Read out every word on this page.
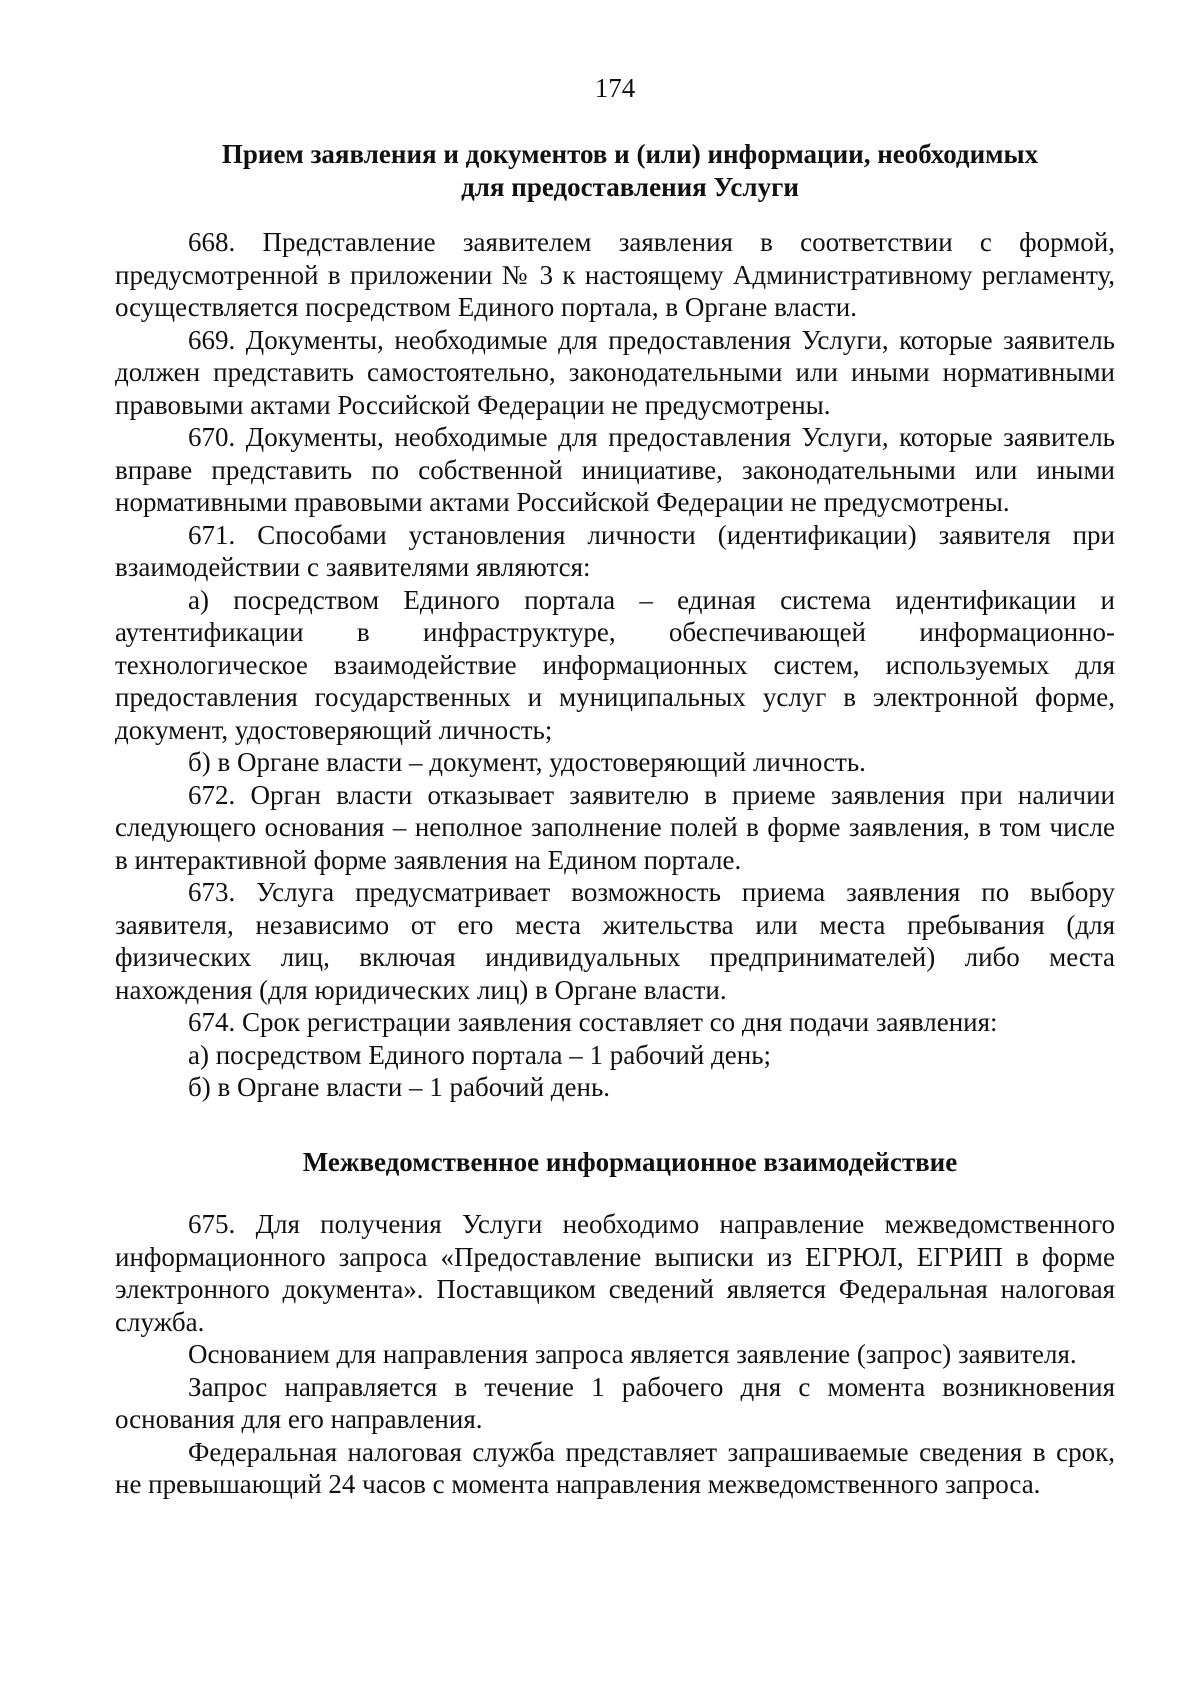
174
Прием заявления и документов и (или) информации, необходимых для предоставления Услуги

668. Представление заявителем заявления в соответствии с формой, предусмотренной в приложении № 3 к настоящему Административному регламенту, осуществляется посредством Единого портала, в Органе власти.

669. Документы, необходимые для предоставления Услуги, которые заявитель должен представить самостоятельно, законодательными или иными нормативными правовыми актами Российской Федерации не предусмотрены.

670. Документы, необходимые для предоставления Услуги, которые заявитель вправе представить по собственной инициативе, законодательными или иными нормативными правовыми актами Российской Федерации не предусмотрены.

671. Способами установления личности (идентификации) заявителя при взаимодействии с заявителями являются:

а) посредством Единого портала – единая система идентификации и аутентификации в инфраструктуре, обеспечивающей информационно-технологическое взаимодействие информационных систем, используемых для предоставления государственных и муниципальных услуг в электронной форме, документ, удостоверяющий личность;

б) в Органе власти – документ, удостоверяющий личность.

672. Орган власти отказывает заявителю в приеме заявления при наличии следующего основания – неполное заполнение полей в форме заявления, в том числе в интерактивной форме заявления на Едином портале.

673. Услуга предусматривает возможность приема заявления по выбору заявителя, независимо от его места жительства или места пребывания (для физических лиц, включая индивидуальных предпринимателей) либо места нахождения (для юридических лиц) в Органе власти.

674. Срок регистрации заявления составляет со дня подачи заявления:

а) посредством Единого портала – 1 рабочий день;

б) в Органе власти – 1 рабочий день.

Межведомственное информационное взаимодействие

675. Для получения Услуги необходимо направление межведомственного информационного запроса «Предоставление выписки из ЕГРЮЛ, ЕГРИП в форме электронного документа». Поставщиком сведений является Федеральная налоговая служба.

Основанием для направления запроса является заявление (запрос) заявителя.

Запрос направляется в течение 1 рабочего дня с момента возникновения основания для его направления.

Федеральная налоговая служба представляет запрашиваемые сведения в срок, не превышающий 24 часов с момента направления межведомственного запроса.
